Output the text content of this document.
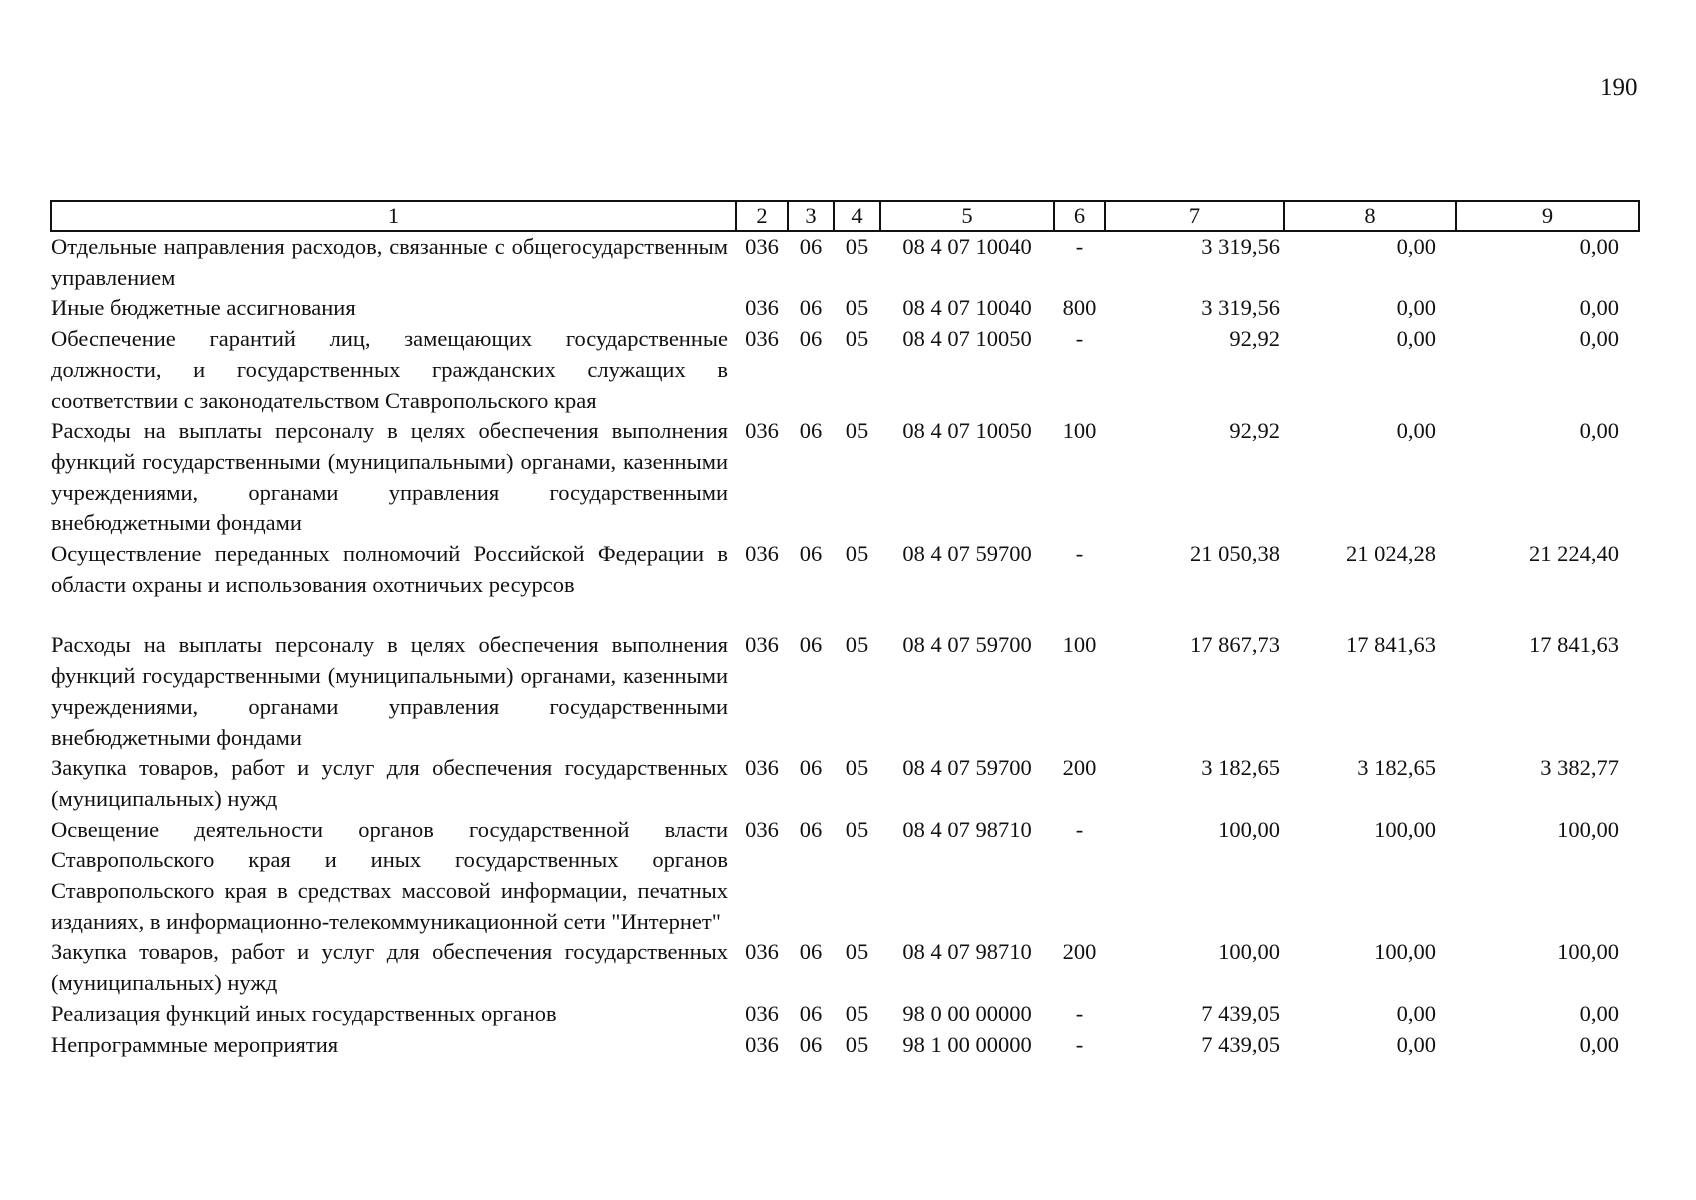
190
1	2	3	4	5	6	7	8	9
Отдельные направления расходов, связанные с общегосударственным управлением	036	06	05	08 4 07 10040	-	3 319,56	0,00	0,00
Иные бюджетные ассигнования	036	06	05	08 4 07 10040	800	3 319,56	0,00	0,00
Обеспечение гарантий лиц, замещающих государственные должности, и государственных гражданских служащих в соответствии с законодательством Ставропольского края	036	06	05	08 4 07 10050	-	92,92	0,00	0,00
Расходы на выплаты персоналу в целях обеспечения выполнения функций государственными (муниципальными) органами, казенными учреждениями, органами управления государственными внебюджетными фондами	036	06	05	08 4 07 10050	100	92,92	0,00	0,00
Осуществление переданных полномочий Российской Федерации в области охраны и использования охотничьих ресурсов	036	06	05	08 4 07 59700	-	21 050,38	21 024,28	21 224,40

Расходы на выплаты персоналу в целях обеспечения выполнения функций государственными (муниципальными) органами, казенными учреждениями, органами управления государственными внебюджетными фондами	036	06	05	08 4 07 59700	100	17 867,73	17 841,63	17 841,63
Закупка товаров, работ и услуг для обеспечения государственных (муниципальных) нужд	036	06	05	08 4 07 59700	200	3 182,65	3 182,65	3 382,77
Освещение деятельности органов государственной власти Ставропольского края и иных государственных органов Ставропольского края в средствах массовой информации, печатных изданиях, в информационно-телекоммуникационной сети "Интернет"	036	06	05	08 4 07 98710	-	100,00	100,00	100,00
Закупка товаров, работ и услуг для обеспечения государственных (муниципальных) нужд	036	06	05	08 4 07 98710	200	100,00	100,00	100,00
Реализация функций иных государственных органов	036	06	05	98 0 00 00000	-	7 439,05	0,00	0,00
Непрограммные мероприятия	036	06	05	98 1 00 00000	-	7 439,05	0,00	0,00
